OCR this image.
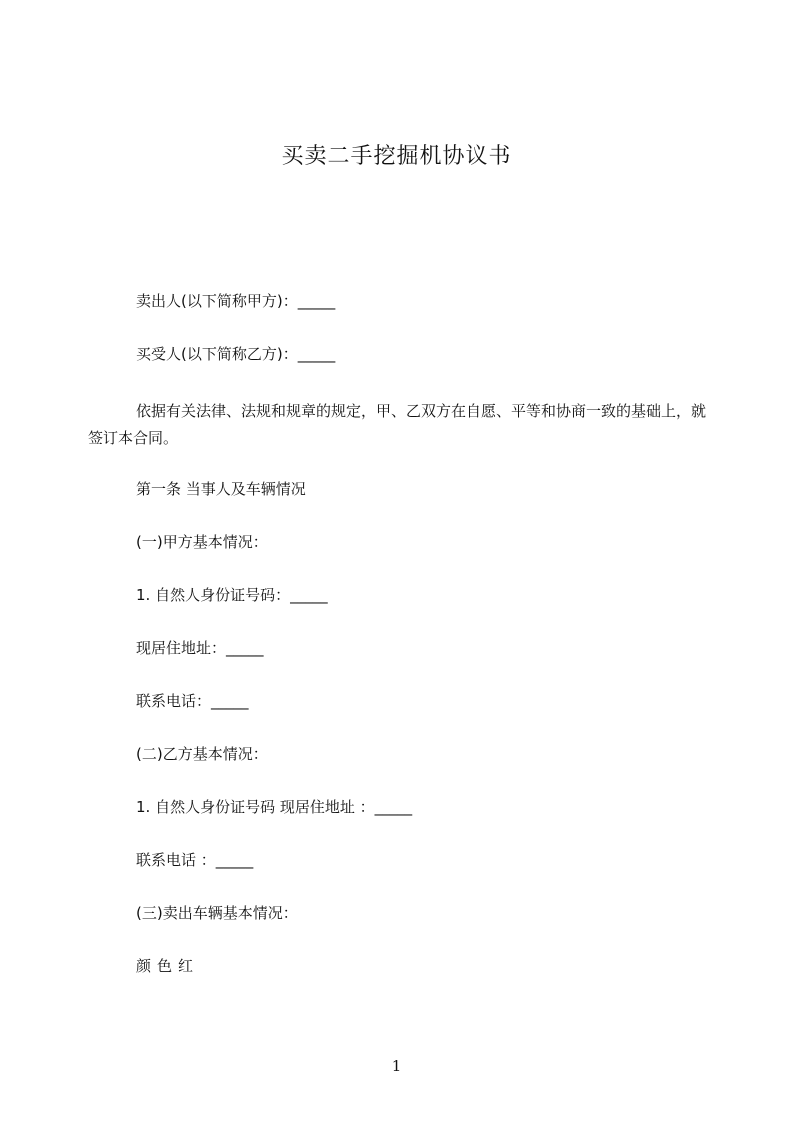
买卖二手挖掘机协议书
卖出人(以下简称甲方)：_____
买受人(以下简称乙方)：_____
依据有关法律、法规和规章的规定，甲、乙双方在自愿、平等和协商一致的基础上，就签订本合同。
第一条 当事人及车辆情况
(一)甲方基本情况：
1. 自然人身份证号码：_____
现居住地址：_____
联系电话：_____
(二)乙方基本情况：
1. 自然人身份证号码 现居住地址 ：_____
联系电话 ：_____
(三)卖出车辆基本情况：
颜色红
1
